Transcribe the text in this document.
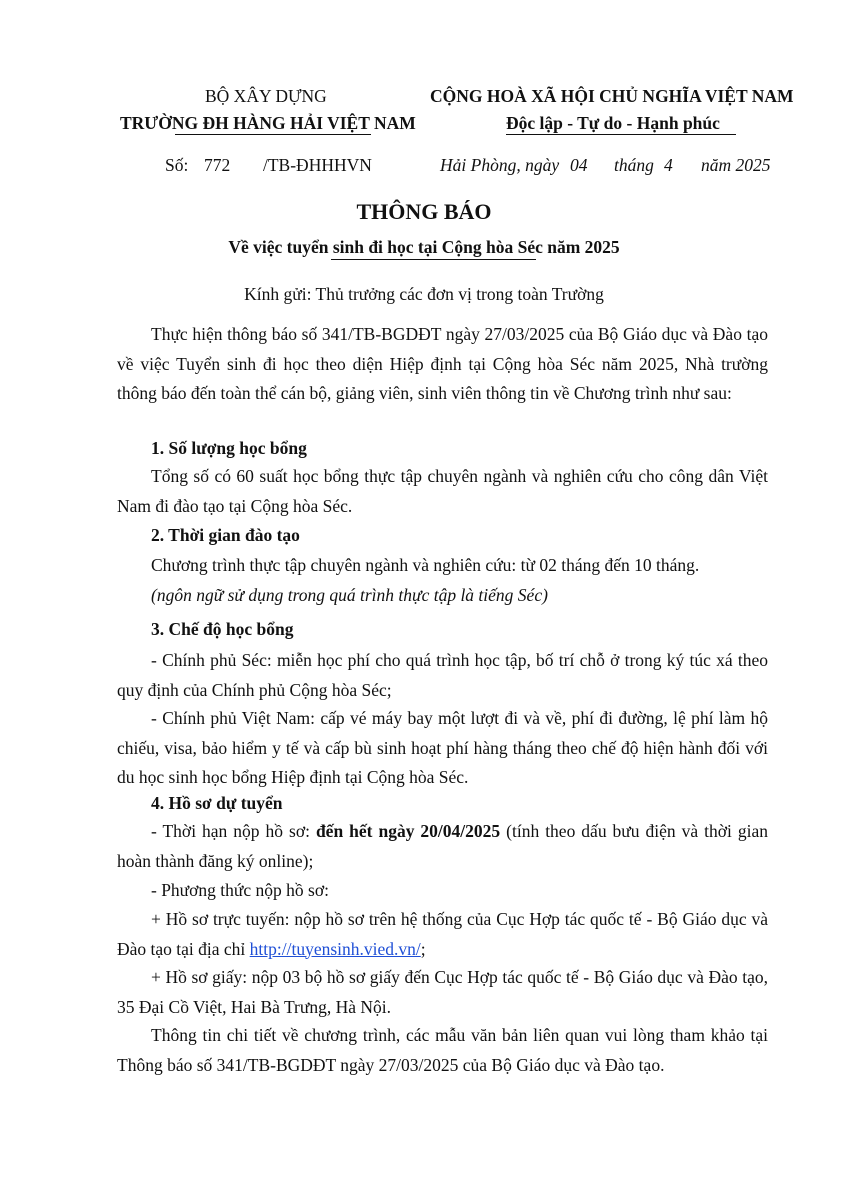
BỘ XÂY DỰNG
TRƯỜNG ĐH HÀNG HẢI VIỆT NAM
CỘNG HOÀ XÃ HỘI CHỦ NGHĨA VIỆT NAM
Độc lập - Tự do - Hạnh phúc
Số: 772 /TB-ĐHHHVN	Hải Phòng, ngày 04 tháng 4 năm 2025
THÔNG BÁO
Về việc tuyển sinh đi học tại Cộng hòa Séc năm 2025
Kính gửi: Thủ trưởng các đơn vị trong toàn Trường
Thực hiện thông báo số 341/TB-BGDĐT ngày 27/03/2025 của Bộ Giáo dục và Đào tạo về việc Tuyển sinh đi học theo diện Hiệp định tại Cộng hòa Séc năm 2025, Nhà trường thông báo đến toàn thể cán bộ, giảng viên, sinh viên thông tin về Chương trình như sau:
1. Số lượng học bổng
Tổng số có 60 suất học bổng thực tập chuyên ngành và nghiên cứu cho công dân Việt Nam đi đào tạo tại Cộng hòa Séc.
2. Thời gian đào tạo
Chương trình thực tập chuyên ngành và nghiên cứu: từ 02 tháng đến 10 tháng.
(ngôn ngữ sử dụng trong quá trình thực tập là tiếng Séc)
3. Chế độ học bổng
- Chính phủ Séc: miễn học phí cho quá trình học tập, bố trí chỗ ở trong ký túc xá theo quy định của Chính phủ Cộng hòa Séc;
- Chính phủ Việt Nam: cấp vé máy bay một lượt đi và về, phí đi đường, lệ phí làm hộ chiếu, visa, bảo hiểm y tế và cấp bù sinh hoạt phí hàng tháng theo chế độ hiện hành đối với du học sinh học bổng Hiệp định tại Cộng hòa Séc.
4. Hồ sơ dự tuyển
- Thời hạn nộp hồ sơ: đến hết ngày 20/04/2025 (tính theo dấu bưu điện và thời gian hoàn thành đăng ký online);
- Phương thức nộp hồ sơ:
+ Hồ sơ trực tuyến: nộp hồ sơ trên hệ thống của Cục Hợp tác quốc tế - Bộ Giáo dục và Đào tạo tại địa chỉ http://tuyensinh.vied.vn/;
+ Hồ sơ giấy: nộp 03 bộ hồ sơ giấy đến Cục Hợp tác quốc tế - Bộ Giáo dục và Đào tạo, 35 Đại Cồ Việt, Hai Bà Trưng, Hà Nội.
Thông tin chi tiết về chương trình, các mẫu văn bản liên quan vui lòng tham khảo tại Thông báo số 341/TB-BGDĐT ngày 27/03/2025 của Bộ Giáo dục và Đào tạo.
